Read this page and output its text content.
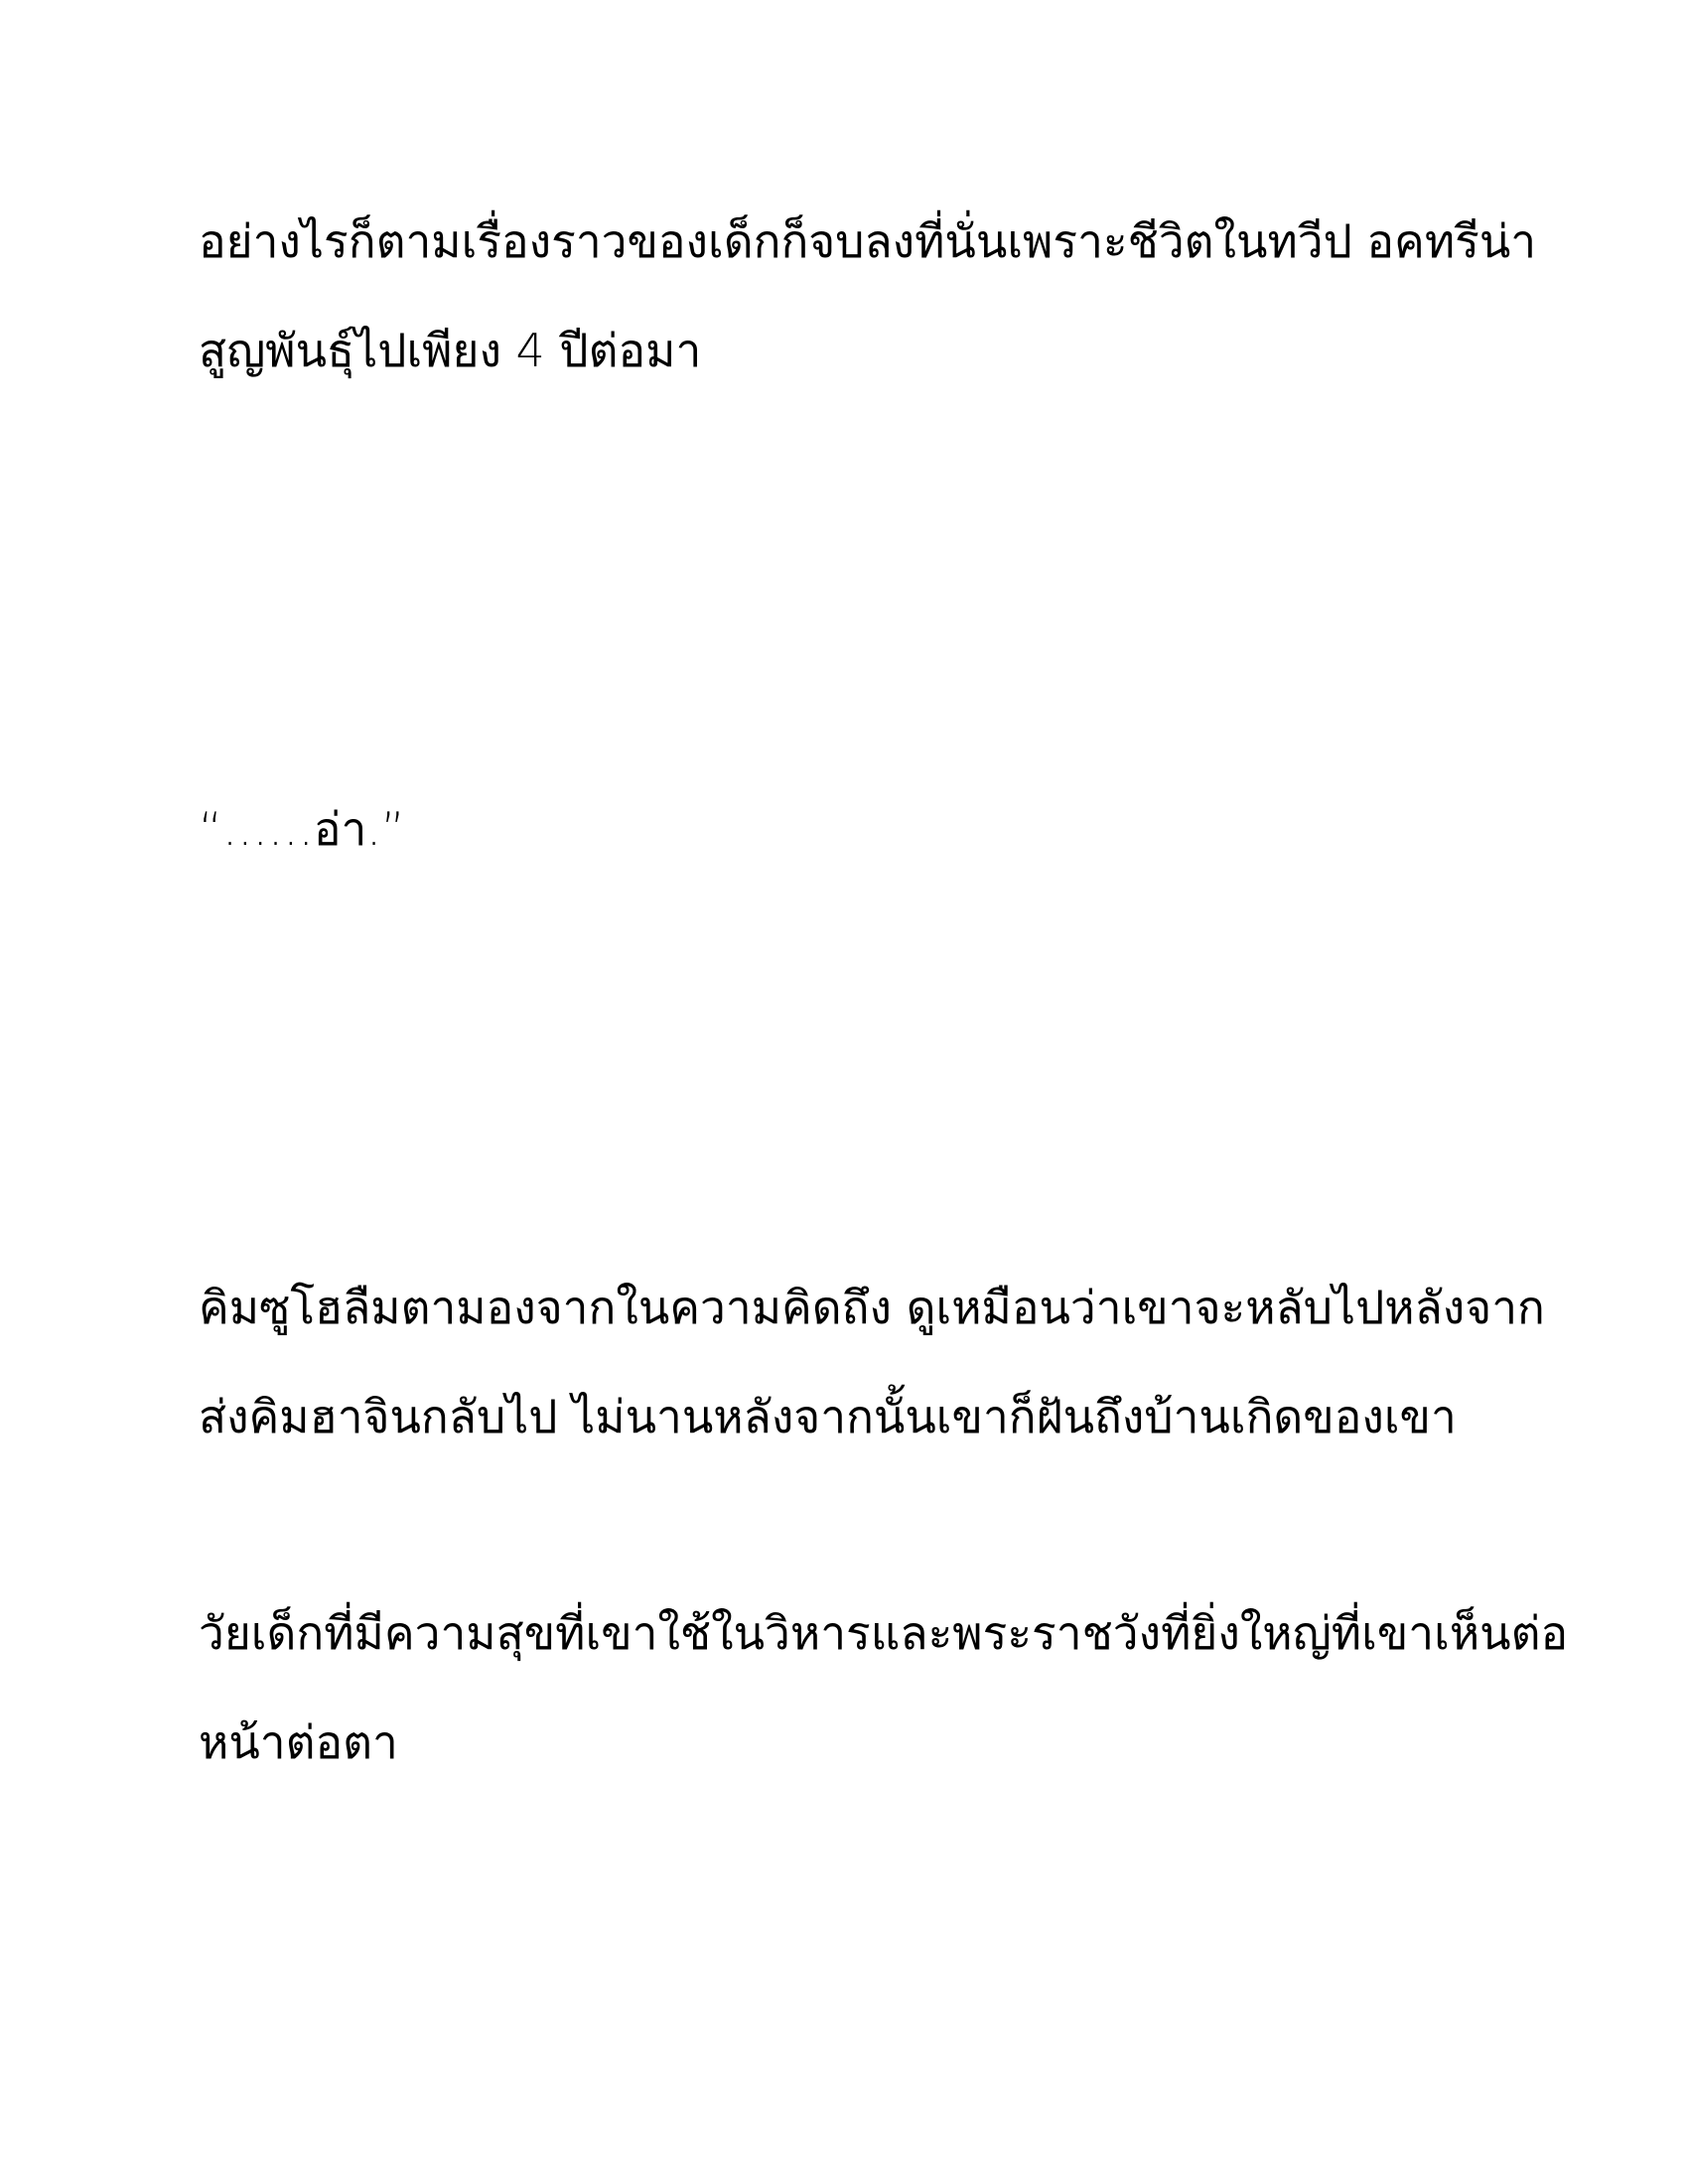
อย่างไรก็ตามเรื่องราวของเด็กก็จบลงที่นั่นเพราะชีวิตในทวีป อคทรีน่า
สูญพันธุ์ไปเพียง 4 ปีต่อมา

“……อ่า.”

คิมซูโฮลืมตามองจากในความคิดถึง ดูเหมือนว่าเขาจะหลับไปหลังจาก
ส่งคิมฮาจินกลับไป ไม่นานหลังจากนั้นเขาก็ฝันถึงบ้านเกิดของเขา

วัยเด็กที่มีความสุขที่เขาใช้ในวิหารและพระราชวังที่ยิ่งใหญ่ที่เขาเห็นต่อ
หน้าต่อตา
